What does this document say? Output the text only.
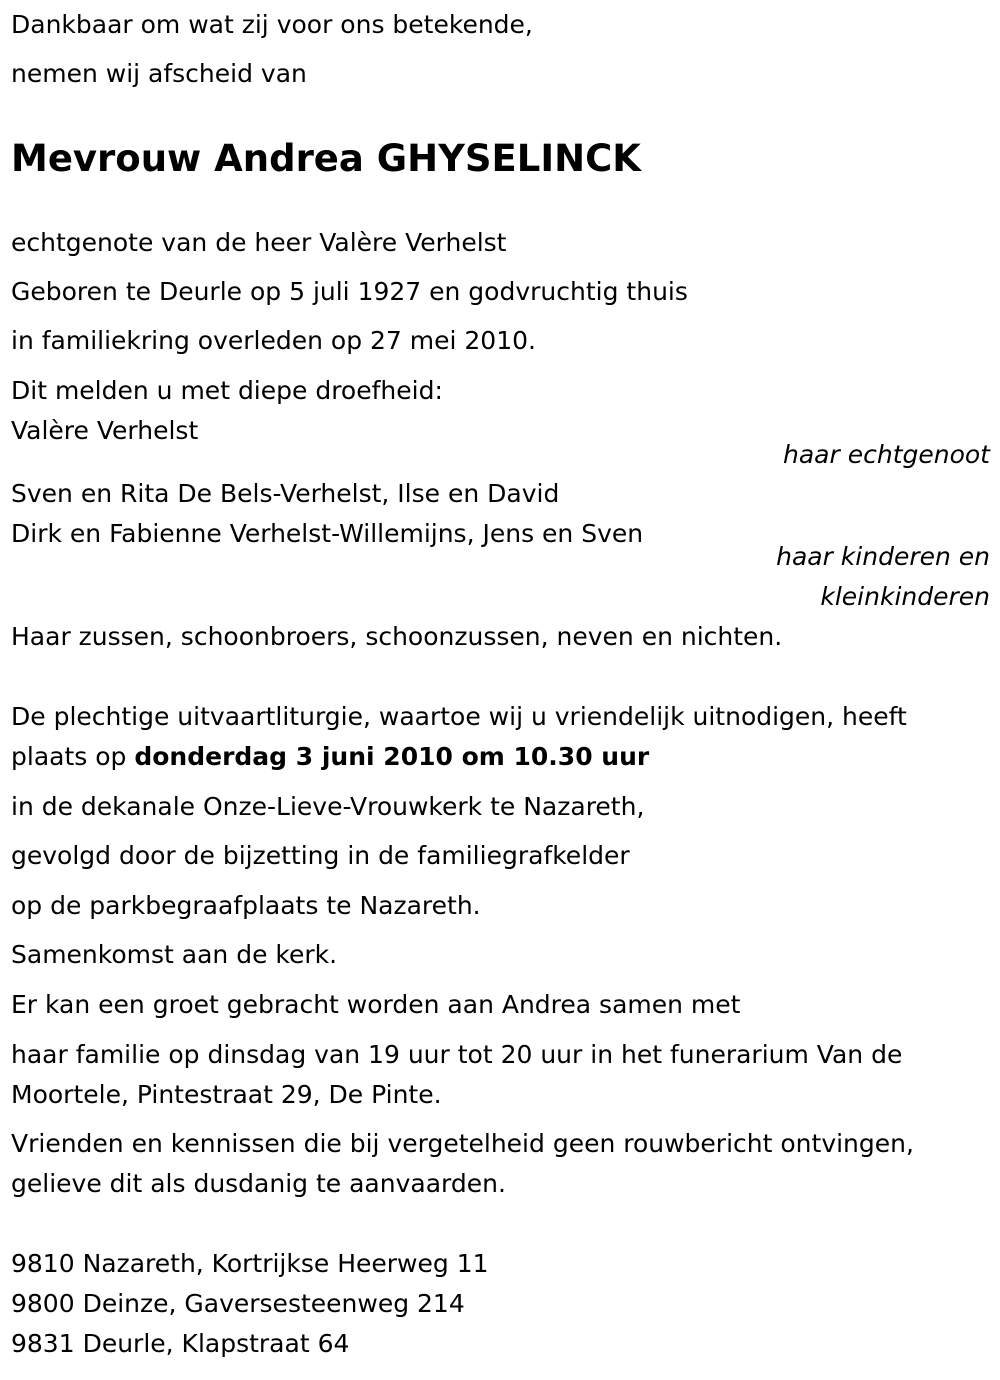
Dankbaar om wat zij voor ons betekende,
nemen wij afscheid van
Mevrouw Andrea GHYSELINCK
echtgenote van de heer Valère Verhelst
Geboren te Deurle op 5 juli 1927 en godvruchtig thuis
in familiekring overleden op 27 mei 2010.
Dit melden u met diepe droefheid:
Valère Verhelst
haar echtgenoot
Sven en Rita De Bels-Verhelst, Ilse en David
Dirk en Fabienne Verhelst-Willemijns, Jens en Sven
haar kinderen en
kleinkinderen
Haar zussen, schoonbroers, schoonzussen, neven en nichten.
De plechtige uitvaartliturgie, waartoe wij u vriendelijk uitnodigen, heeft
plaats op donderdag 3 juni 2010 om 10.30 uur
in de dekanale Onze-Lieve-Vrouwkerk te Nazareth,
gevolgd door de bijzetting in de familiegrafkelder
op de parkbegraafplaats te Nazareth.
Samenkomst aan de kerk.
Er kan een groet gebracht worden aan Andrea samen met
haar familie op dinsdag van 19 uur tot 20 uur in het funerarium Van de
Moortele, Pintestraat 29, De Pinte.
Vrienden en kennissen die bij vergetelheid geen rouwbericht ontvingen,
gelieve dit als dusdanig te aanvaarden.
9810 Nazareth, Kortrijkse Heerweg 11
9800 Deinze, Gaversesteenweg 214
9831 Deurle, Klapstraat 64
